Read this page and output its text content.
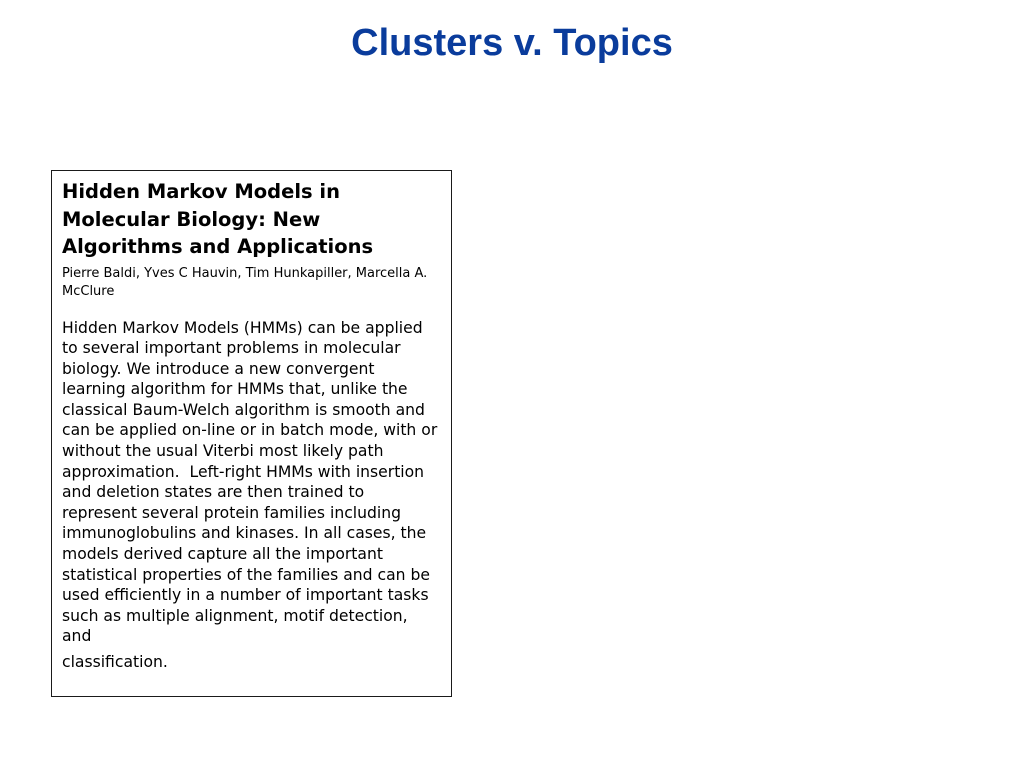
Clusters v. Topics

Hidden Markov Models in Molecular Biology: New Algorithms and Applications

Pierre Baldi, Yves C Hauvin, Tim Hunkapiller, Marcella A. McClure

Hidden Markov Models (HMMs) can be applied to several important problems in molecular biology. We introduce a new convergent learning algorithm for HMMs that, unlike the classical Baum-Welch algorithm is smooth and can be applied on-line or in batch mode, with or without the usual Viterbi most likely path approximation.  Left-right HMMs with insertion and deletion states are then trained to represent several protein families including immunoglobulins and kinases. In all cases, the models derived capture all the important statistical properties of the families and can be used efficiently in a number of important tasks such as multiple alignment, motif detection, and

classification.
